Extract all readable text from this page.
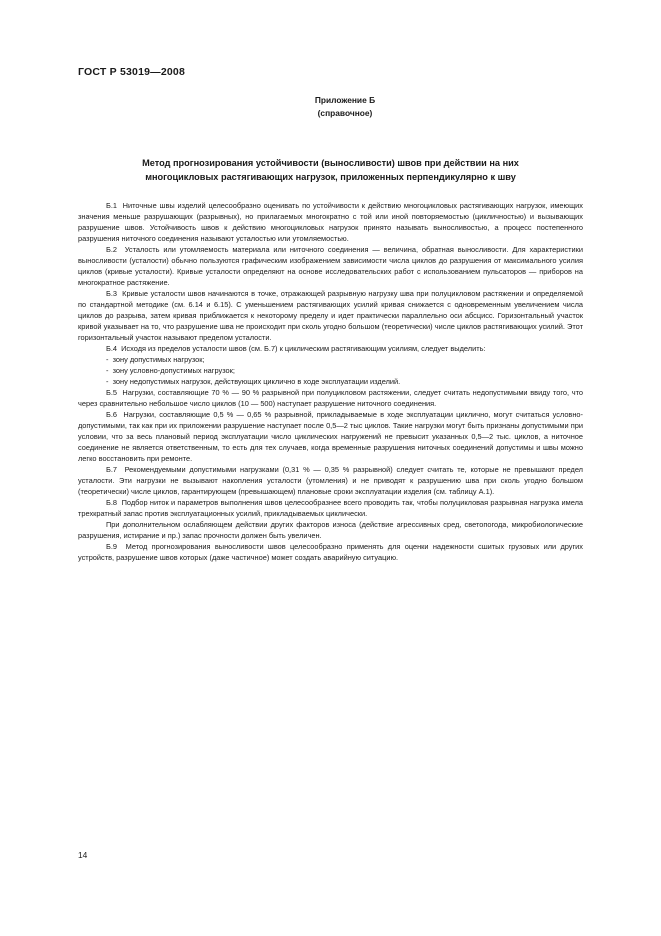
ГОСТ Р 53019—2008
Приложение Б
(справочное)
Метод прогнозирования устойчивости (выносливости) швов при действии на них
многоцикловых растягивающих нагрузок, приложенных перпендикулярно к шву

Б.1 Ниточные швы изделий целесообразно оценивать по устойчивости к действию многоцикловых растягивающих нагрузок, имеющих значения меньше разрушающих (разрывных), но прилагаемых многократно с той или иной повторяемостью (цикличностью) и вызывающих разрушение швов. Устойчивость швов к действию многоцикловых нагрузок принято называть выносливостью, а процесс постепенного разрушения ниточного соединения называют усталостью или утомляемостью.

Б.2 Усталость или утомляемость материала или ниточного соединения — величина, обратная выносливости. Для характеристики выносливости (усталости) обычно пользуются графическим изображением зависимости числа циклов до разрушения от максимального усилия циклов (кривые усталости). Кривые усталости определяют на основе исследовательских работ с использованием пульсаторов — приборов на многократное растяжение.

Б.3 Кривые усталости швов начинаются в точке, отражающей разрывную нагрузку шва при полуцикловом растяжении и определяемой по стандартной методике (см. 6.14 и 6.15). С уменьшением растягивающих усилий кривая снижается с одновременным увеличением числа циклов до разрыва, затем кривая приближается к некоторому пределу и идет практически параллельно оси абсцисс. Горизонтальный участок кривой указывает на то, что разрушение шва не происходит при сколь угодно большом (теоретически) числе циклов растягивающих усилий. Этот горизонтальный участок называют пределом усталости.

Б.4 Исходя из пределов усталости швов (см. Б.7) к циклическим растягивающим усилиям, следует выделить:

-  зону допустимых нагрузок;
-  зону условно-допустимых нагрузок;
-  зону недопустимых нагрузок, действующих циклично в ходе эксплуатации изделий.

Б.5 Нагрузки, составляющие 70 % — 90 % разрывной при полуцикловом растяжении, следует считать недопустимыми ввиду того, что через сравнительно небольшое число циклов (10 — 500) наступает разрушение ниточного соединения.

Б.6 Нагрузки, составляющие 0,5 % — 0,65 % разрывной, прикладываемые в ходе эксплуатации циклично, могут считаться условно-допустимыми, так как при их приложении разрушение наступает после 0,5—2 тыс циклов. Такие нагрузки могут быть признаны допустимыми при условии, что за весь плановый период эксплуатации число циклических нагружений не превысит указанных 0,5—2 тыс. циклов, а ниточное соединение не является ответственным, то есть для тех случаев, когда временные разрушения ниточных соединений допустимы и швы можно легко восстановить при ремонте.

Б.7 Рекомендуемыми допустимыми нагрузками (0,31 % — 0,35 % разрывной) следует считать те, которые не превышают предел усталости. Эти нагрузки не вызывают накопления усталости (утомления) и не приводят к разрушению шва при сколь угодно большом (теоретически) числе циклов, гарантирующем (превышающем) плановые сроки эксплуатации изделия (см. таблицу А.1).

Б.8 Подбор ниток и параметров выполнения швов целесообразнее всего проводить так, чтобы полуцикловая разрывная нагрузка имела трехкратный запас против эксплуатационных усилий, прикладываемых циклически.

При дополнительном ослабляющем действии других факторов износа (действие агрессивных сред, светопогода, микробиологические разрушения, истирание и пр.) запас прочности должен быть увеличен.

Б.9 Метод прогнозирования выносливости швов целесообразно применять для оценки надежности сшитых грузовых или других устройств, разрушение швов которых (даже частичное) может создать аварийную ситуацию.

14
